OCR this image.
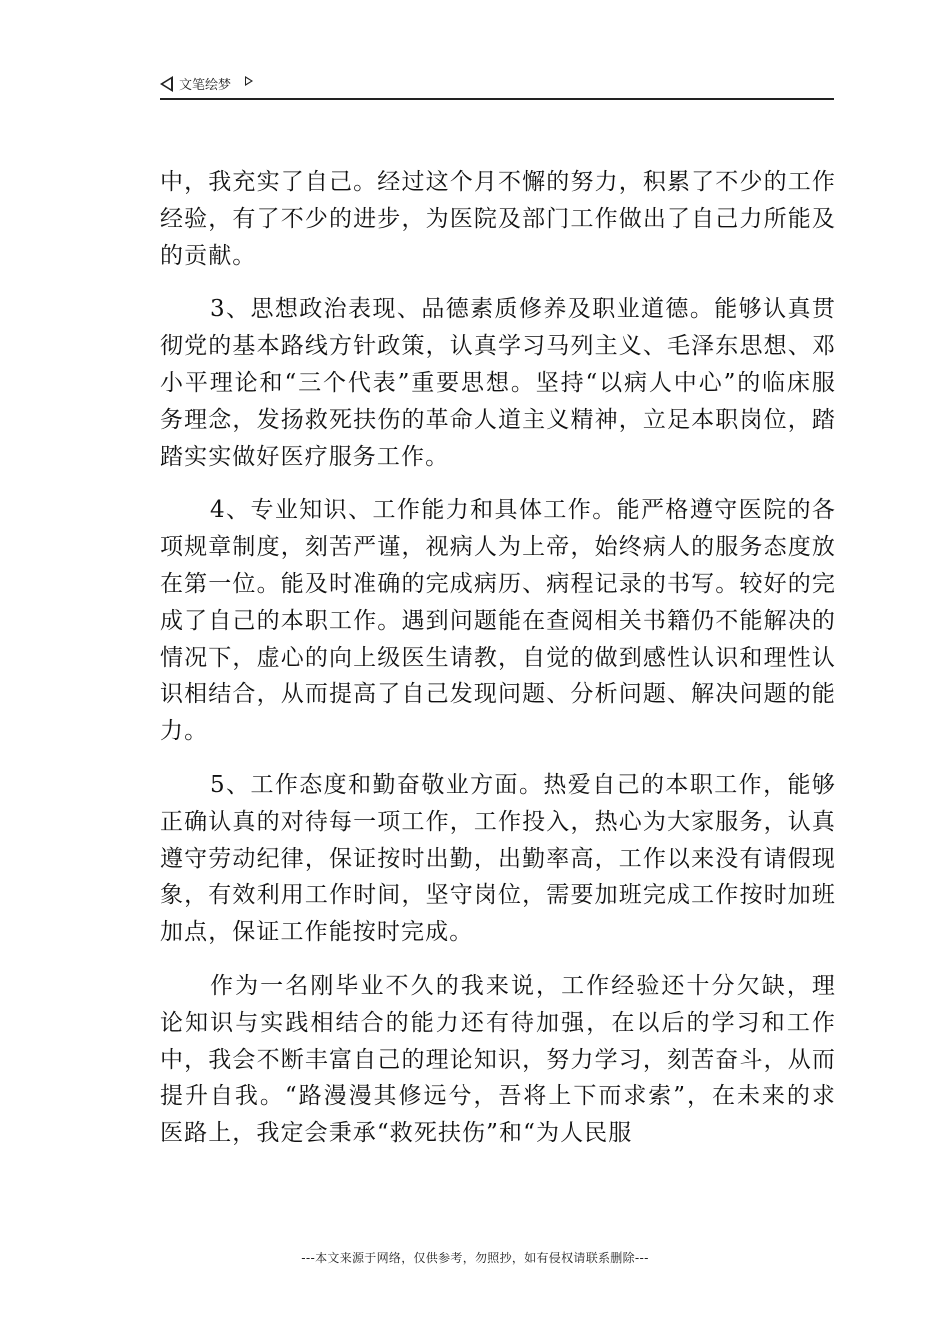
文笔绘梦

中，我充实了自己。经过这个月不懈的努力，积累了不少的工作经验，有了不少的进步，为医院及部门工作做出了自己力所能及的贡献。

3、思想政治表现、品德素质修养及职业道德。能够认真贯彻党的基本路线方针政策，认真学习马列主义、毛泽东思想、邓小平理论和“三个代表”重要思想。坚持“以病人中心”的临床服务理念，发扬救死扶伤的革命人道主义精神，立足本职岗位，踏踏实实做好医疗服务工作。

4、专业知识、工作能力和具体工作。能严格遵守医院的各项规章制度，刻苦严谨，视病人为上帝，始终病人的服务态度放在第一位。能及时准确的完成病历、病程记录的书写。较好的完成了自己的本职工作。遇到问题能在查阅相关书籍仍不能解决的情况下，虚心的向上级医生请教，自觉的做到感性认识和理性认识相结合，从而提高了自己发现问题、分析问题、解决问题的能力。

5、工作态度和勤奋敬业方面。热爱自己的本职工作，能够正确认真的对待每一项工作，工作投入，热心为大家服务，认真遵守劳动纪律，保证按时出勤，出勤率高，工作以来没有请假现象，有效利用工作时间，坚守岗位，需要加班完成工作按时加班加点，保证工作能按时完成。

作为一名刚毕业不久的我来说，工作经验还十分欠缺，理论知识与实践相结合的能力还有待加强，在以后的学习和工作中，我会不断丰富自己的理论知识，努力学习，刻苦奋斗，从而提升自我。“路漫漫其修远兮，吾将上下而求索”，在未来的求医路上，我定会秉承“救死扶伤”和“为人民服

---本文来源于网络，仅供参考，勿照抄，如有侵权请联系删除---
